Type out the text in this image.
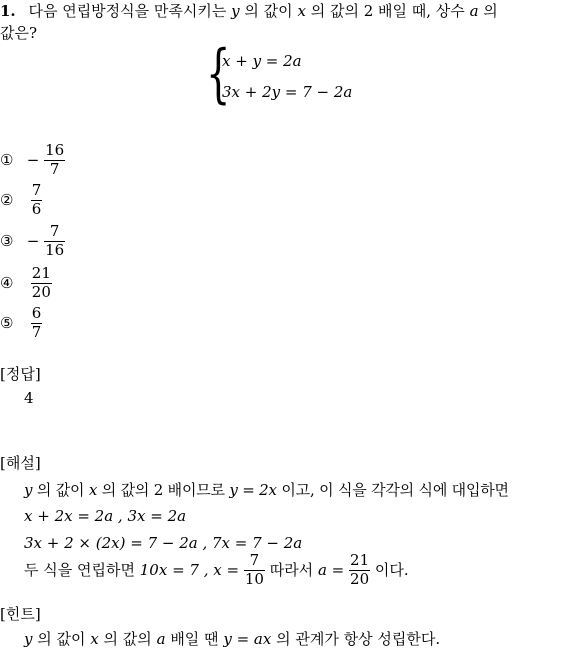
1. 다음 연립방정식을 만족시키는 y 의 값이 x 의 값의 2 배일 때, 상수 a 의
값은?
{
x + y = 2a
3x + 2y = 7 − 2a
① − $\frac{16}{7}$
② $\frac{7}{6}$
③ − $\frac{7}{16}$
④ $\frac{21}{20}$
⑤ $\frac{6}{7}$
[정답]
4
[해설]
y 의 값이 x 의 값의 2 배이므로 y = 2x 이고, 이 식을 각각의 식에 대입하면
x + 2x = 2a , 3x = 2a
3x + 2 × (2x) = 7 − 2a , 7x = 7 − 2a
두 식을 연립하면 10x = 7 , $x = \frac{7}{10}$ 따라서 $a = \frac{21}{20}$ 이다.
[힌트]
y 의 값이 x 의 값의 a 배일 땐 y = ax 의 관계가 항상 성립한다.
